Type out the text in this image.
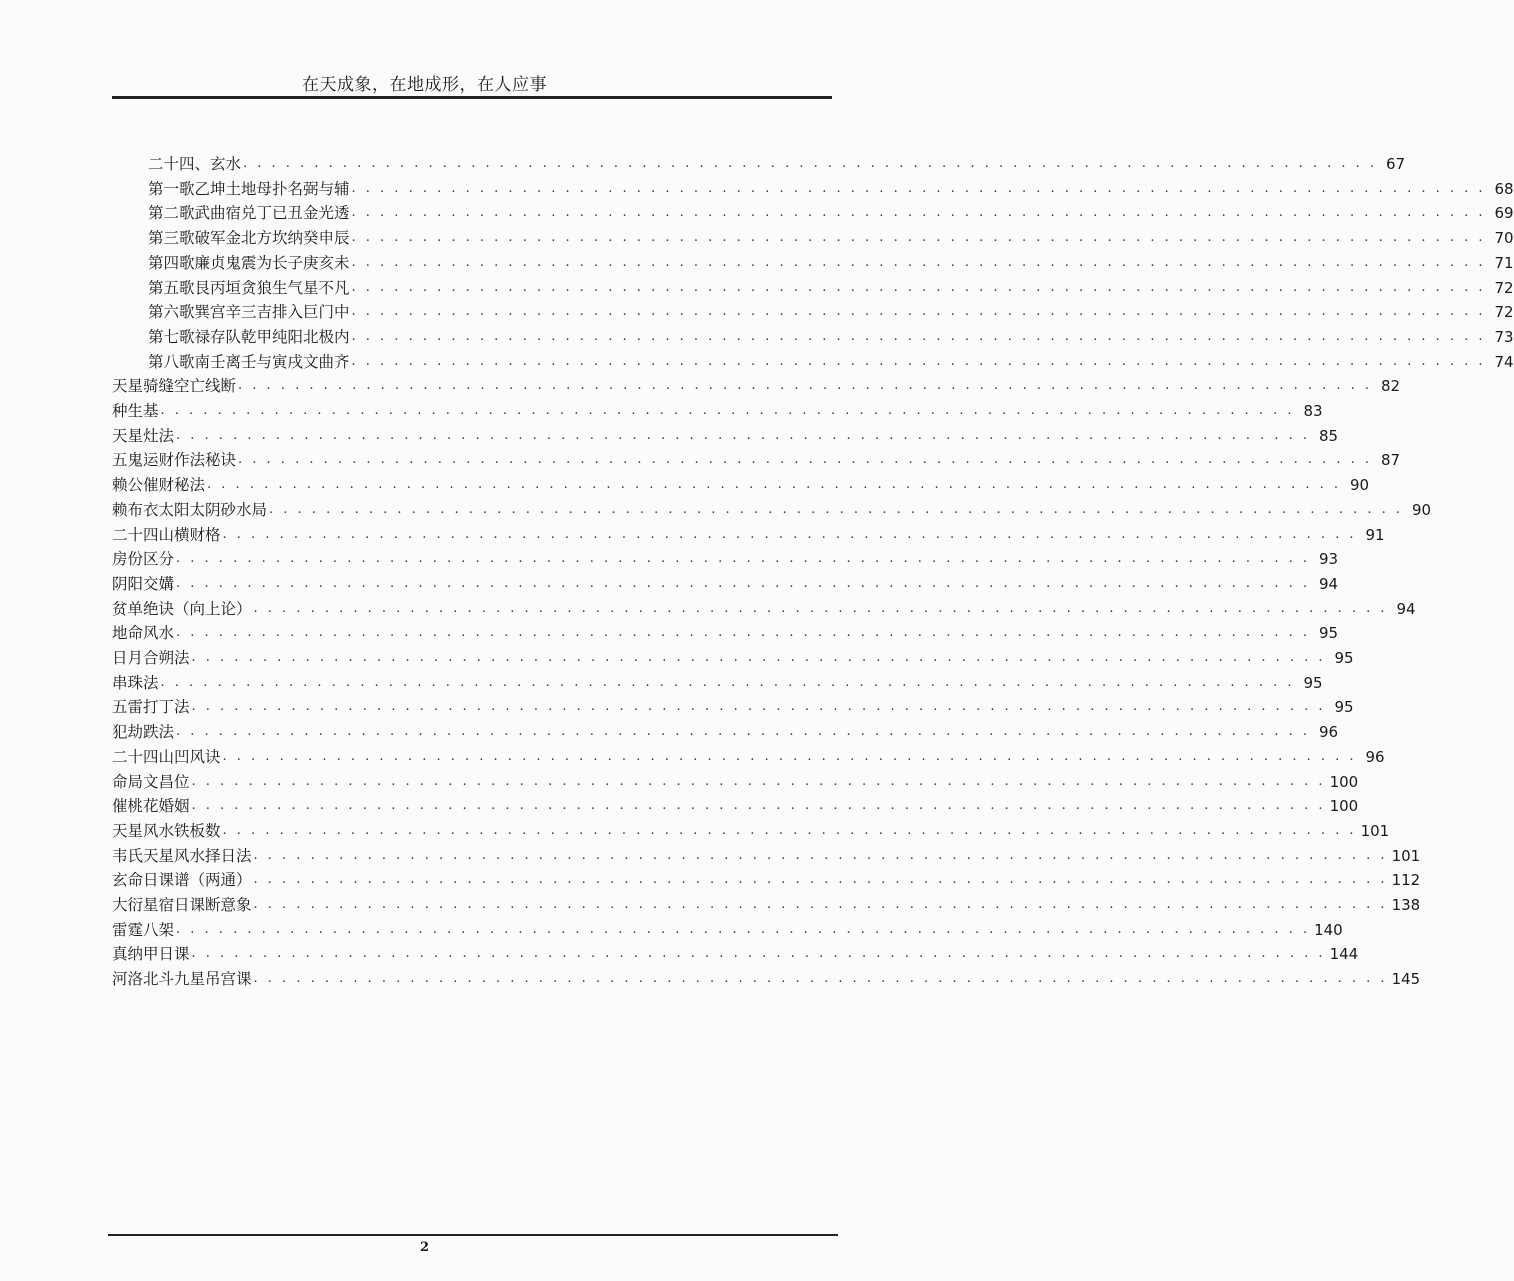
在天成象，在地成形，在人应事
二十四、玄水 . . . . . . . . . . . . . . . . . . . . . . . . . . . . . . . . . . . . . . . . . . . . . . . . . . . . . . . . . . . . . . . . . . . . . . . . . . . . . . . . 67
第一歌乙坤土地母扑名弼与辅 . . . . . . . . . . . . . . . . . . . . . . . . . . . . . . . . . . . . . . . . . . . . . . . . . . . . . . . . . . . . . . . . . . . . . . . . . . . . . . . . 68
第二歌武曲宿兑丁已丑金光透 . . . . . . . . . . . . . . . . . . . . . . . . . . . . . . . . . . . . . . . . . . . . . . . . . . . . . . . . . . . . . . . . . . . . . . . . . . . . . . . . 69
第三歌破军金北方坎纳癸申辰 . . . . . . . . . . . . . . . . . . . . . . . . . . . . . . . . . . . . . . . . . . . . . . . . . . . . . . . . . . . . . . . . . . . . . . . . . . . . . . . . 70
第四歌廉贞鬼震为长子庚亥未 . . . . . . . . . . . . . . . . . . . . . . . . . . . . . . . . . . . . . . . . . . . . . . . . . . . . . . . . . . . . . . . . . . . . . . . . . . . . . . . . 71
第五歌艮丙垣贪狼生气星不凡 . . . . . . . . . . . . . . . . . . . . . . . . . . . . . . . . . . . . . . . . . . . . . . . . . . . . . . . . . . . . . . . . . . . . . . . . . . . . . . . . 72
第六歌巽宫辛三吉排入巨门中 . . . . . . . . . . . . . . . . . . . . . . . . . . . . . . . . . . . . . . . . . . . . . . . . . . . . . . . . . . . . . . . . . . . . . . . . . . . . . . . . 72
第七歌禄存队乾甲纯阳北极内 . . . . . . . . . . . . . . . . . . . . . . . . . . . . . . . . . . . . . . . . . . . . . . . . . . . . . . . . . . . . . . . . . . . . . . . . . . . . . . . . 73
第八歌南壬离壬与寅戌文曲齐 . . . . . . . . . . . . . . . . . . . . . . . . . . . . . . . . . . . . . . . . . . . . . . . . . . . . . . . . . . . . . . . . . . . . . . . . . . . . . . . . 74
天星骑缝空亡线断 . . . . . . . . . . . . . . . . . . . . . . . . . . . . . . . . . . . . . . . . . . . . . . . . . . . . . . . . . . . . . . . . . . . . . . . . . . . . . . . . 82
种生基 . . . . . . . . . . . . . . . . . . . . . . . . . . . . . . . . . . . . . . . . . . . . . . . . . . . . . . . . . . . . . . . . . . . . . . . . . . . . . . . . 83
天星灶法 . . . . . . . . . . . . . . . . . . . . . . . . . . . . . . . . . . . . . . . . . . . . . . . . . . . . . . . . . . . . . . . . . . . . . . . . . . . . . . . . 85
五鬼运财作法秘诀 . . . . . . . . . . . . . . . . . . . . . . . . . . . . . . . . . . . . . . . . . . . . . . . . . . . . . . . . . . . . . . . . . . . . . . . . . . . . . . . . 87
赖公催财秘法 . . . . . . . . . . . . . . . . . . . . . . . . . . . . . . . . . . . . . . . . . . . . . . . . . . . . . . . . . . . . . . . . . . . . . . . . . . . . . . . . 90
赖布衣太阳太阴砂水局 . . . . . . . . . . . . . . . . . . . . . . . . . . . . . . . . . . . . . . . . . . . . . . . . . . . . . . . . . . . . . . . . . . . . . . . . . . . . . . . . 90
二十四山横财格 . . . . . . . . . . . . . . . . . . . . . . . . . . . . . . . . . . . . . . . . . . . . . . . . . . . . . . . . . . . . . . . . . . . . . . . . . . . . . . . . 91
房份区分 . . . . . . . . . . . . . . . . . . . . . . . . . . . . . . . . . . . . . . . . . . . . . . . . . . . . . . . . . . . . . . . . . . . . . . . . . . . . . . . . 93
阴阳交媾 . . . . . . . . . . . . . . . . . . . . . . . . . . . . . . . . . . . . . . . . . . . . . . . . . . . . . . . . . . . . . . . . . . . . . . . . . . . . . . . . 94
贫单绝诀（向上论） . . . . . . . . . . . . . . . . . . . . . . . . . . . . . . . . . . . . . . . . . . . . . . . . . . . . . . . . . . . . . . . . . . . . . . . . . . . . . . . . 94
地命风水 . . . . . . . . . . . . . . . . . . . . . . . . . . . . . . . . . . . . . . . . . . . . . . . . . . . . . . . . . . . . . . . . . . . . . . . . . . . . . . . . 95
日月合朔法 . . . . . . . . . . . . . . . . . . . . . . . . . . . . . . . . . . . . . . . . . . . . . . . . . . . . . . . . . . . . . . . . . . . . . . . . . . . . . . . . 95
串珠法 . . . . . . . . . . . . . . . . . . . . . . . . . . . . . . . . . . . . . . . . . . . . . . . . . . . . . . . . . . . . . . . . . . . . . . . . . . . . . . . . 95
五雷打丁法 . . . . . . . . . . . . . . . . . . . . . . . . . . . . . . . . . . . . . . . . . . . . . . . . . . . . . . . . . . . . . . . . . . . . . . . . . . . . . . . . 95
犯劫跌法 . . . . . . . . . . . . . . . . . . . . . . . . . . . . . . . . . . . . . . . . . . . . . . . . . . . . . . . . . . . . . . . . . . . . . . . . . . . . . . . . 96
二十四山凹风诀 . . . . . . . . . . . . . . . . . . . . . . . . . . . . . . . . . . . . . . . . . . . . . . . . . . . . . . . . . . . . . . . . . . . . . . . . . . . . . . . . 96
命局文昌位 . . . . . . . . . . . . . . . . . . . . . . . . . . . . . . . . . . . . . . . . . . . . . . . . . . . . . . . . . . . . . . . . . . . . . . . . . . . . . . . . 100
催桃花婚姻 . . . . . . . . . . . . . . . . . . . . . . . . . . . . . . . . . . . . . . . . . . . . . . . . . . . . . . . . . . . . . . . . . . . . . . . . . . . . . . . . 100
天星风水铁板数 . . . . . . . . . . . . . . . . . . . . . . . . . . . . . . . . . . . . . . . . . . . . . . . . . . . . . . . . . . . . . . . . . . . . . . . . . . . . . . . . 101
韦氏天星风水择日法 . . . . . . . . . . . . . . . . . . . . . . . . . . . . . . . . . . . . . . . . . . . . . . . . . . . . . . . . . . . . . . . . . . . . . . . . . . . . . . . . 101
玄命日课谱（两通） . . . . . . . . . . . . . . . . . . . . . . . . . . . . . . . . . . . . . . . . . . . . . . . . . . . . . . . . . . . . . . . . . . . . . . . . . . . . . . . . 112
大衍星宿日课断意象 . . . . . . . . . . . . . . . . . . . . . . . . . . . . . . . . . . . . . . . . . . . . . . . . . . . . . . . . . . . . . . . . . . . . . . . . . . . . . . . . 138
雷霆八架 . . . . . . . . . . . . . . . . . . . . . . . . . . . . . . . . . . . . . . . . . . . . . . . . . . . . . . . . . . . . . . . . . . . . . . . . . . . . . . . . 140
真纳甲日课 . . . . . . . . . . . . . . . . . . . . . . . . . . . . . . . . . . . . . . . . . . . . . . . . . . . . . . . . . . . . . . . . . . . . . . . . . . . . . . . . 144
河洛北斗九星吊宫课 . . . . . . . . . . . . . . . . . . . . . . . . . . . . . . . . . . . . . . . . . . . . . . . . . . . . . . . . . . . . . . . . . . . . . . . . . . . . . . . . 145
2
